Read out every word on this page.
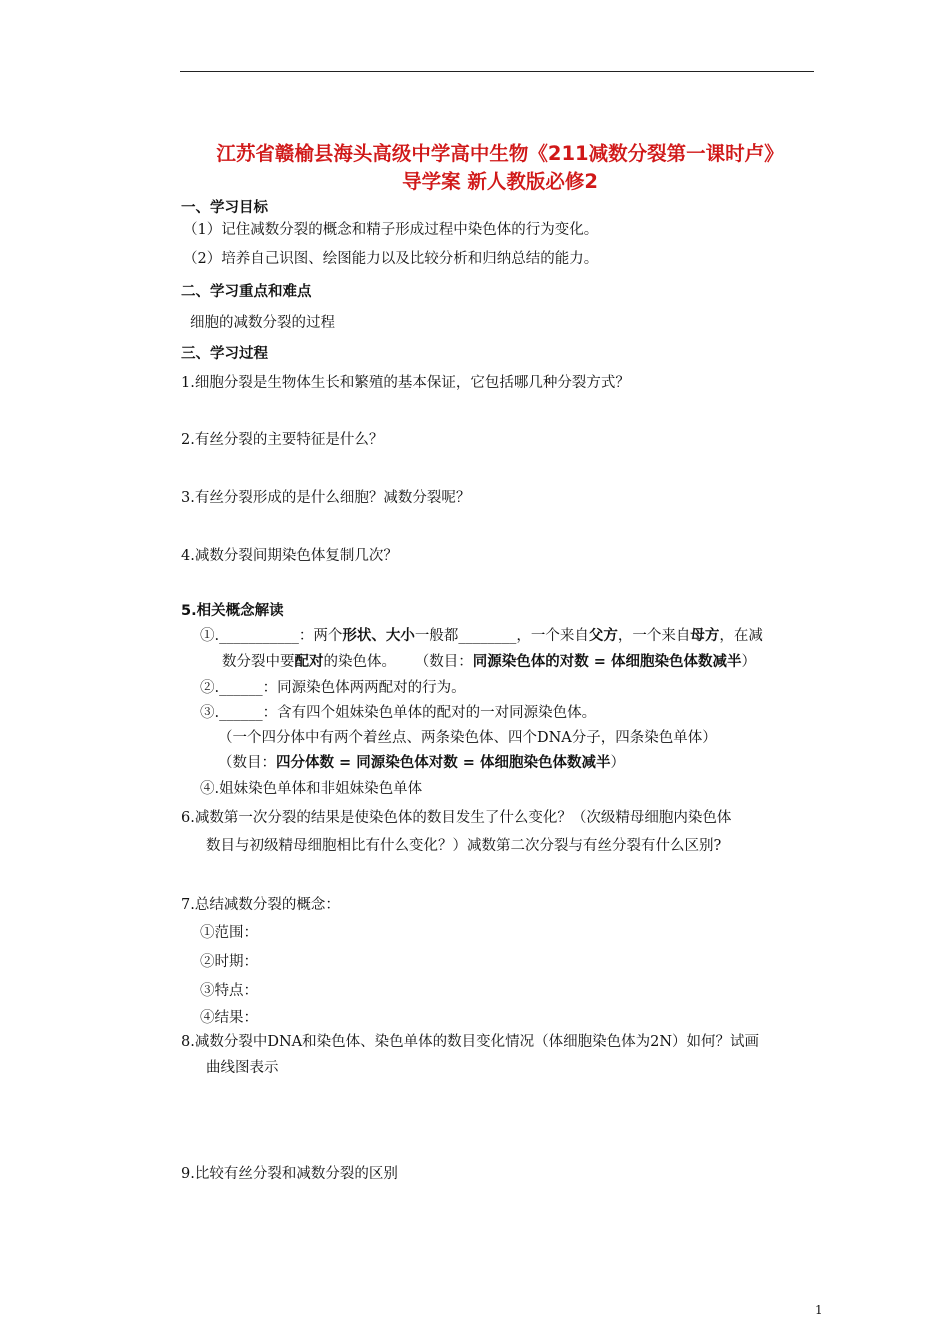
江苏省赣榆县海头高级中学高中生物《211减数分裂第一课时卢》
导学案 新人教版必修2
一、学习目标
（1）记住减数分裂的概念和精子形成过程中染色体的行为变化。
（2）培养自己识图、绘图能力以及比较分析和归纳总结的能力。
二、学习重点和难点
细胞的减数分裂的过程
三、学习过程
1.细胞分裂是生物体生长和繁殖的基本保证，它包括哪几种分裂方式？
2.有丝分裂的主要特征是什么？
3.有丝分裂形成的是什么细胞？减数分裂呢？
4.减数分裂间期染色体复制几次？
5.相关概念解读
①.___________：两个形状、大小一般都________，一个来自父方，一个来自母方，在减
数分裂中要配对的染色体。 （数目：同源染色体的对数 = 体细胞染色体数减半）
②.______：同源染色体两两配对的行为。
③.______：含有四个姐妹染色单体的配对的一对同源染色体。
（一个四分体中有两个着丝点、两条染色体、四个DNA分子，四条染色单体）
（数目：四分体数 = 同源染色体对数 = 体细胞染色体数减半）
④.姐妹染色单体和非姐妹染色单体
6.减数第一次分裂的结果是使染色体的数目发生了什么变化？（次级精母细胞内染色体
数目与初级精母细胞相比有什么变化？）减数第二次分裂与有丝分裂有什么区别?
7.总结减数分裂的概念：
①范围：
②时期：
③特点：
④结果：
8.减数分裂中DNA和染色体、染色单体的数目变化情况（体细胞染色体为2N）如何？试画
曲线图表示
9.比较有丝分裂和减数分裂的区别
1
